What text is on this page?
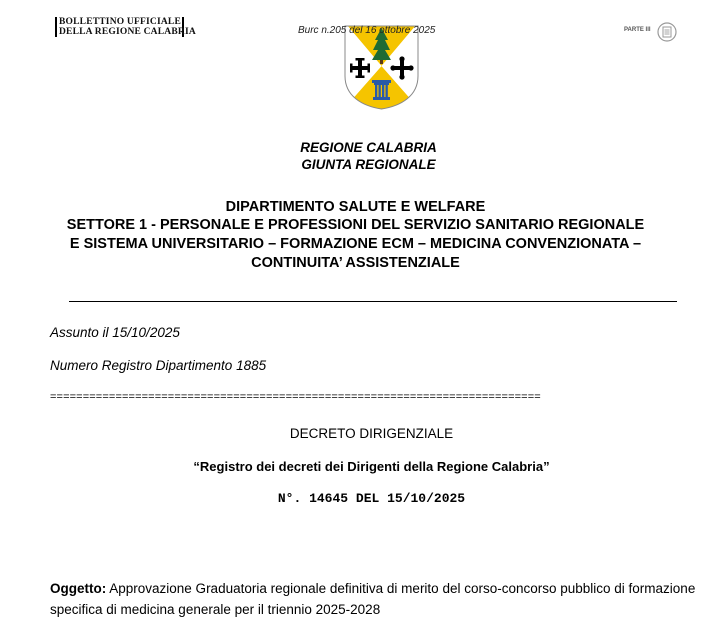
BOLLETTINO UFFICIALE
DELLA REGIONE CALABRIA	Burc n.205 del 16 ottobre 2025	PARTE III
REGIONE CALABRIA
GIUNTA REGIONALE
DIPARTIMENTO SALUTE E WELFARE
SETTORE 1 - PERSONALE E PROFESSIONI DEL SERVIZIO SANITARIO REGIONALE
E SISTEMA UNIVERSITARIO – FORMAZIONE ECM – MEDICINA CONVENZIONATA –
CONTINUITA’ ASSISTENZIALE
Assunto il 15/10/2025
Numero Registro Dipartimento 1885
===========================================================================
DECRETO DIRIGENZIALE
“Registro dei decreti dei Dirigenti della Regione Calabria”
N°. 14645 DEL 15/10/2025
Oggetto: Approvazione Graduatoria regionale definitiva di merito del corso-concorso pubblico di formazione specifica di medicina generale per il triennio 2025-2028
